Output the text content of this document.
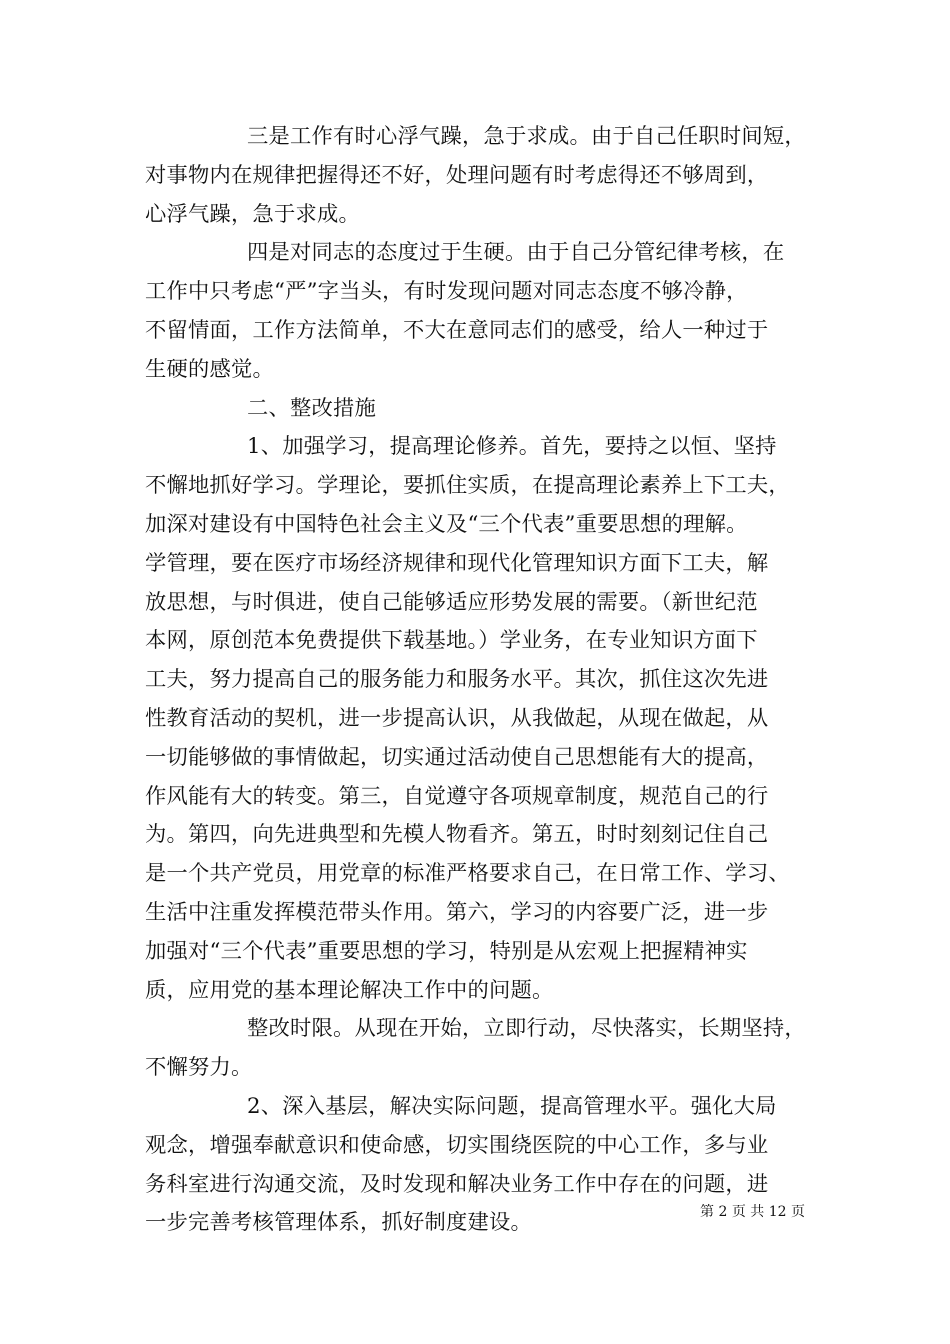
三是工作有时心浮气躁，急于求成。由于自己任职时间短，
对事物内在规律把握得还不好，处理问题有时考虑得还不够周到，
心浮气躁，急于求成。
四是对同志的态度过于生硬。由于自己分管纪律考核，在
工作中只考虑“严”字当头，有时发现问题对同志态度不够冷静，
不留情面，工作方法简单，不大在意同志们的感受，给人一种过于
生硬的感觉。
二、整改措施
1、加强学习，提高理论修养。首先，要持之以恒、坚持
不懈地抓好学习。学理论，要抓住实质，在提高理论素养上下工夫，
加深对建设有中国特色社会主义及“三个代表”重要思想的理解。
学管理，要在医疗市场经济规律和现代化管理知识方面下工夫，解
放思想，与时俱进，使自己能够适应形势发展的需要。（新世纪范
本网，原创范本免费提供下载基地。）学业务，在专业知识方面下
工夫，努力提高自己的服务能力和服务水平。其次，抓住这次先进
性教育活动的契机，进一步提高认识，从我做起，从现在做起，从
一切能够做的事情做起，切实通过活动使自己思想能有大的提高，
作风能有大的转变。第三，自觉遵守各项规章制度，规范自己的行
为。第四，向先进典型和先模人物看齐。第五，时时刻刻记住自己
是一个共产党员，用党章的标准严格要求自己，在日常工作、学习、
生活中注重发挥模范带头作用。第六，学习的内容要广泛，进一步
加强对“三个代表”重要思想的学习，特别是从宏观上把握精神实
质，应用党的基本理论解决工作中的问题。
整改时限。从现在开始，立即行动，尽快落实，长期坚持，
不懈努力。
2、深入基层，解决实际问题，提高管理水平。强化大局
观念，增强奉献意识和使命感，切实围绕医院的中心工作，多与业
务科室进行沟通交流，及时发现和解决业务工作中存在的问题，进
一步完善考核管理体系，抓好制度建设。	第 2 页 共 12 页
